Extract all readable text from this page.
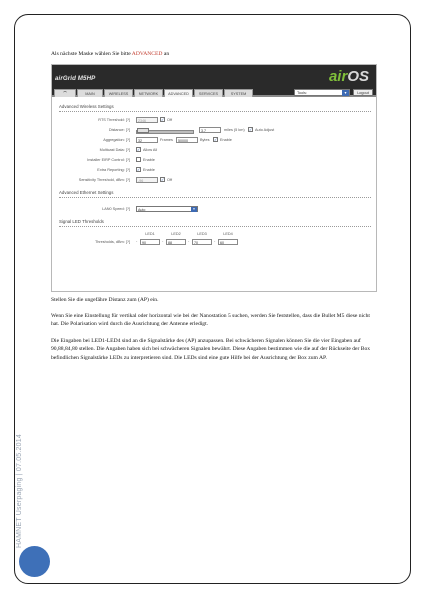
Als nächste Maske wählen Sie bitte ADVANCED an

airGrid M5HP	airOS
⌒	MAIN	WIRELESS	NETWORK	ADVANCED	SERVICES	SYSTEM	Tools:	▼	Logout
Advanced Wireless Settings
RTS Threshold: [?]	2346	✓ Off
Distance: [?]	3.7	miles (5 km) ✓ Auto Adjust
Aggregation: [?]	32	Frames	50000	Bytes ✓ Enable
Multicast Data: [?] ✓ Allow All
Installer EIRP Control: [?]	Enable
Extra Reporting: [?] ✓ Enable
Sensitivity Threshold, dBm: [?]	-96	✓ Off
Advanced Ethernet Settings
LAN0 Speed: [?]	Auto	▼
Signal LED Thresholds
LED1	LED2	LED3	LED4
Thresholds, dBm: [?] -	90	-	88	-	70	-	60

Stellen Sie die ungefähre Distanz zum (AP) ein.

Wenn Sie eine Einstellung für vertikal oder horizontal wie bei der Nanostation 5 suchen, werden Sie feststellen, dass die Bullet M5 diese nicht hat. Die Polarisation wird durch die Ausrichtung der Antenne erledigt.

Die Eingaben bei LED1-LED4 sind an die Signalstärke des (AP) anzupassen. Bei schwächeren Signalen können Sie die vier Eingaben auf 90,88,84,80 stellen. Die Angaben haben sich bei schwächeren Signalen bewährt. Diese Angaben bestimmen wie die auf der Rückseite der Box befindlichen Signalstärke LEDs zu interpretieren sind. Die LEDs sind eine gute Hilfe bei der Ausrichtung der Box zum AP.

HAMNET Userpaging | 07.05.2014
